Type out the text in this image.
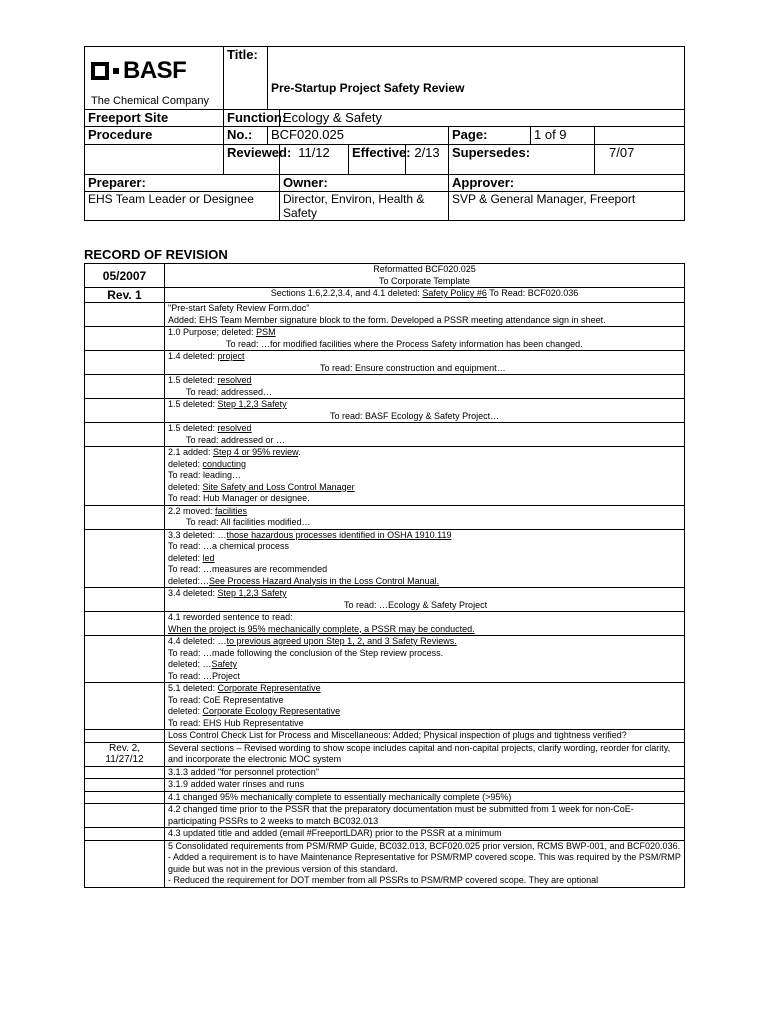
BASF
The Chemical Company	Title:	Pre-Startup Project Safety Review						
Freeport Site	Function:		Ecology & Safety					
Procedure	No.:	BCF020.025				Page:	1 of 9	
	Reviewed:		11/12	Effective:	2/13	Supersedes:		7/07
Preparer:			Owner:			Approver:		
EHS Team Leader or Designee			Director, Environ, Health & Safety			SVP & General Manager, Freeport		
RECORD OF REVISION
05/2007	Reformatted BCF020.025
To Corporate Template

Rev. 1	Sections 1.6,2.2,3.4, and 4.1 deleted: Safety Policy #6 To Read: BCF020.036

	"Pre-start Safety Review Form.doc"
Added: EHS Team Member signature block to the form. Developed a PSSR meeting attendance sign in sheet.

	1.0 Purpose; deleted: PSM
To read: …for modified facilities where the Process Safety information has been changed.

	1.4 deleted: project
To read: Ensure construction and equipment…

	1.5 deleted: resolved
To read: addressed…

	1.5 deleted: Step 1,2,3 Safety
To read: BASF Ecology & Safety Project…

	1.5 deleted: resolved
To read: addressed or …

	2.1 added: Step 4 or 95% review.
deleted: conducting
To read: leading…
deleted: Site Safety and Loss Control Manager
To read: Hub Manager or designee.

	2.2 moved: facilities
To read: All facilities modified…

	3.3 deleted: …those hazardous processes identified in OSHA 1910.119
To read: …a chemical process
deleted: led
To read: …measures are recommended
deleted:…See Process Hazard Analysis in the Loss Control Manual.

	3.4 deleted: Step 1,2,3 Safety
To read: …Ecology & Safety Project

	4.1 reworded sentence to read:
When the project is 95% mechanically complete, a PSSR may be conducted.

	4.4 deleted: …to previous agreed upon Step 1, 2, and 3 Safety Reviews.
To read: …made following the conclusion of the Step review process.
deleted: …Safety
To read: …Project

	5.1 deleted: Corporate Representative
To read: CoE Representative
deleted: Corporate Ecology Representative
To read: EHS Hub Representative

	Loss Control Check List for Process and Miscellaneous: Added; Physical inspection of plugs and tightness verified?

Rev. 2,
11/27/12	Several sections – Revised wording to show scope includes capital and non-capital projects, clarify wording, reorder for clarity, and incorporate the electronic MOC system

	3.1.3 added "for personnel protection"

	3.1.9 added water rinses and runs

	4.1 changed 95% mechanically complete to essentially mechanically complete (>95%)

	4.2 changed time prior to the PSSR that the preparatory documentation must be submitted from 1 week for non-CoE-participating PSSRs to 2 weeks to match BC032.013

	4.3 updated title and added (email #FreeportLDAR) prior to the PSSR at a minimum

	5 Consolidated requirements from PSM/RMP Guide, BC032.013, BCF020.025 prior version, RCMS BWP-001, and BCF020.036.
- Added a requirement is to have Maintenance Representative for PSM/RMP covered scope. This was required by the PSM/RMP guide but was not in the previous version of this standard.
- Reduced the requirement for DOT member from all PSSRs to PSM/RMP covered scope. They are optional
